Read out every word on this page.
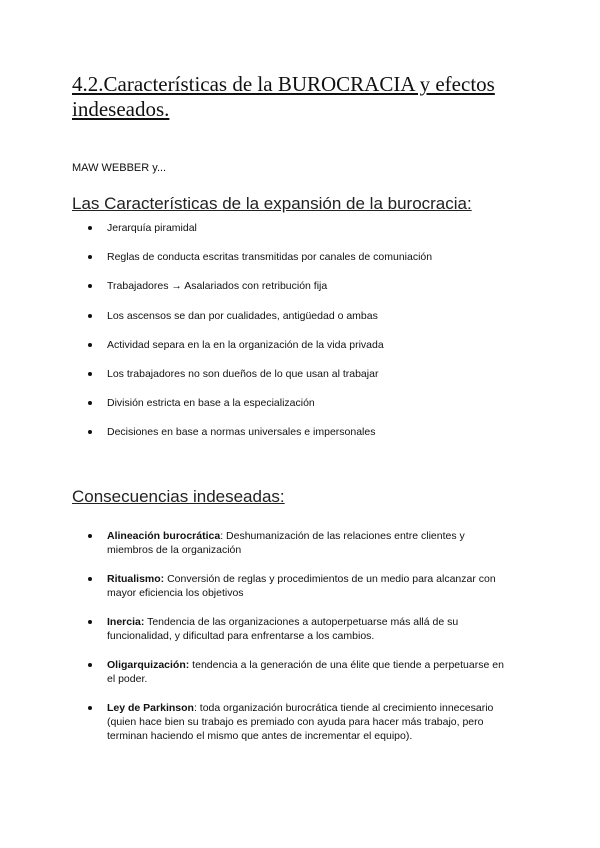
4.2.Características de la BUROCRACIA y efectos indeseados.

MAW WEBBER y...

Las Características de la expansión de la burocracia:
Jerarquía piramidal
Reglas de conducta escritas transmitidas por canales de comuniación
Trabajadores → Asalariados con retribución fija
Los ascensos se dan por cualidades, antigüedad o ambas
Actividad separa en la en la organización de la vida privada
Los trabajadores no son dueños de lo que usan al trabajar
División estricta en base a la especialización
Decisiones en base a normas universales e impersonales
Consecuencias indeseadas:
Alineación burocrática: Deshumanización de las relaciones entre clientes y miembros de la organización
Ritualismo: Conversión de reglas y procedimientos de un medio para alcanzar con mayor eficiencia los objetivos
Inercia: Tendencia de las organizaciones a autoperpetuarse más allá de su funcionalidad, y dificultad para enfrentarse a los cambios.
Oligarquización: tendencia a la generación de una élite que tiende a perpetuarse en el poder.
Ley de Parkinson: toda organización burocrática tiende al crecimiento innecesario (quien hace bien su trabajo es premiado con ayuda para hacer más trabajo, pero terminan haciendo el mismo que antes de incrementar el equipo).
